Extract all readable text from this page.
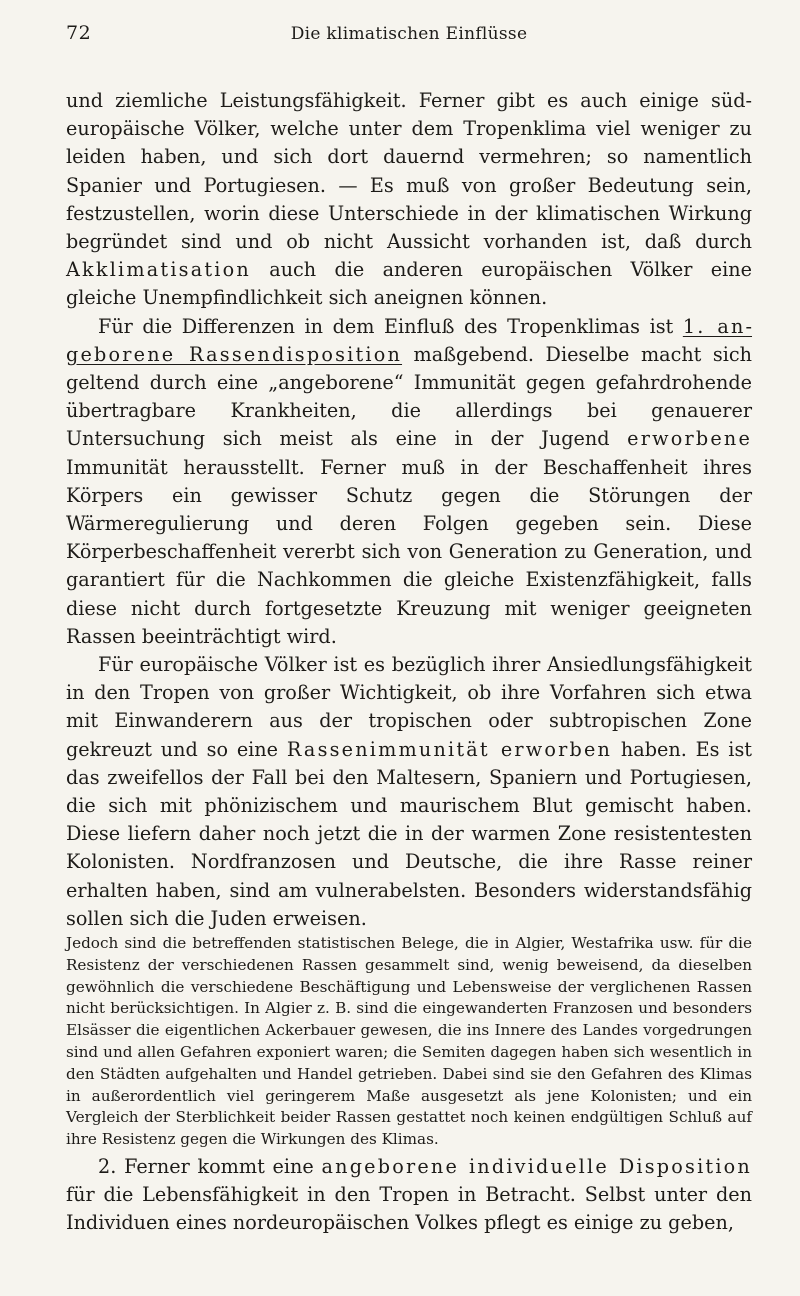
72	Die klimatischen Einflüsse

und ziemliche Leistungsfähigkeit. Ferner gibt es auch einige südeuropäische Völker, welche unter dem Tropenklima viel weniger zu leiden haben, und sich dort dauernd vermehren; so namentlich Spanier und Portugiesen. — Es muß von großer Bedeutung sein, festzustellen, worin diese Unterschiede in der klimatischen Wirkung begründet sind und ob nicht Aussicht vorhanden ist, daß durch Akklimatisation auch die anderen europäischen Völker eine gleiche Unempfindlichkeit sich aneignen können.

Für die Differenzen in dem Einfluß des Tropenklimas ist 1. angeborene Rassendisposition maßgebend. Dieselbe macht sich geltend durch eine „angeborene“ Immunität gegen gefahrdrohende übertragbare Krankheiten, die allerdings bei genauerer Untersuchung sich meist als eine in der Jugend erworbene Immunität herausstellt. Ferner muß in der Beschaffenheit ihres Körpers ein gewisser Schutz gegen die Störungen der Wärmeregulierung und deren Folgen gegeben sein. Diese Körperbeschaffenheit vererbt sich von Generation zu Generation, und garantiert für die Nachkommen die gleiche Existenzfähigkeit, falls diese nicht durch fortgesetzte Kreuzung mit weniger geeigneten Rassen beeinträchtigt wird.

Für europäische Völker ist es bezüglich ihrer Ansiedlungsfähigkeit in den Tropen von großer Wichtigkeit, ob ihre Vorfahren sich etwa mit Einwanderern aus der tropischen oder subtropischen Zone gekreuzt und so eine Rassenimmunität erworben haben. Es ist das zweifellos der Fall bei den Maltesern, Spaniern und Portugiesen, die sich mit phönizischem und maurischem Blut gemischt haben. Diese liefern daher noch jetzt die in der warmen Zone resistentesten Kolonisten. Nordfranzosen und Deutsche, die ihre Rasse reiner erhalten haben, sind am vulnerabelsten. Besonders widerstandsfähig sollen sich die Juden erweisen.

Jedoch sind die betreffenden statistischen Belege, die in Algier, Westafrika usw. für die Resistenz der verschiedenen Rassen gesammelt sind, wenig beweisend, da dieselben gewöhnlich die verschiedene Beschäftigung und Lebensweise der verglichenen Rassen nicht berücksichtigen. In Algier z. B. sind die eingewanderten Franzosen und besonders Elsässer die eigentlichen Ackerbauer gewesen, die ins Innere des Landes vorgedrungen sind und allen Gefahren exponiert waren; die Semiten dagegen haben sich wesentlich in den Städten aufgehalten und Handel getrieben. Dabei sind sie den Gefahren des Klimas in außerordentlich viel geringerem Maße ausgesetzt als jene Kolonisten; und ein Vergleich der Sterblichkeit beider Rassen gestattet noch keinen endgültigen Schluß auf ihre Resistenz gegen die Wirkungen des Klimas.

2. Ferner kommt eine angeborene individuelle Disposition für die Lebensfähigkeit in den Tropen in Betracht. Selbst unter den Individuen eines nordeuropäischen Volkes pflegt es einige zu geben,
